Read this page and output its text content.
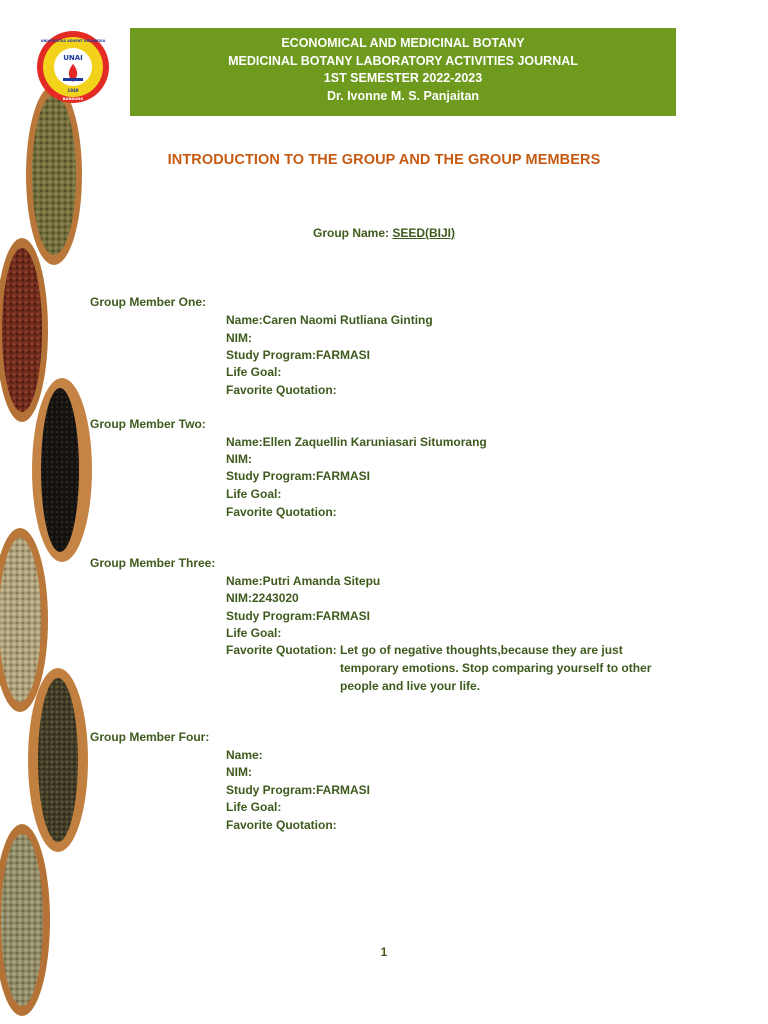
UNAI
1949
BANDUNG
UNIVERSITAS ADVENT INDONESIA	ECONOMICAL AND MEDICINAL BOTANY
MEDICINAL BOTANY LABORATORY ACTIVITIES JOURNAL
1ST SEMESTER 2022-2023
Dr. Ivonne M. S. Panjaitan
INTRODUCTION TO THE GROUP AND THE GROUP MEMBERS
Group Name: SEED(BIJI)
Group Member One:
Name:Caren Naomi Rutliana Ginting
NIM:
Study Program:FARMASI
Life Goal:
Favorite Quotation:
Group Member Two:
Name:Ellen Zaquellin Karuniasari Situmorang
NIM:
Study Program:FARMASI
Life Goal:
Favorite Quotation:
Group Member Three:
Name:Putri Amanda Sitepu
NIM:2243020
Study Program:FARMASI
Life Goal:
Favorite Quotation: Let go of negative thoughts,because they are just
temporary emotions. Stop comparing yourself to other
people and live your life.
Group Member Four:
Name:
NIM:
Study Program:FARMASI
Life Goal:
Favorite Quotation:
1
